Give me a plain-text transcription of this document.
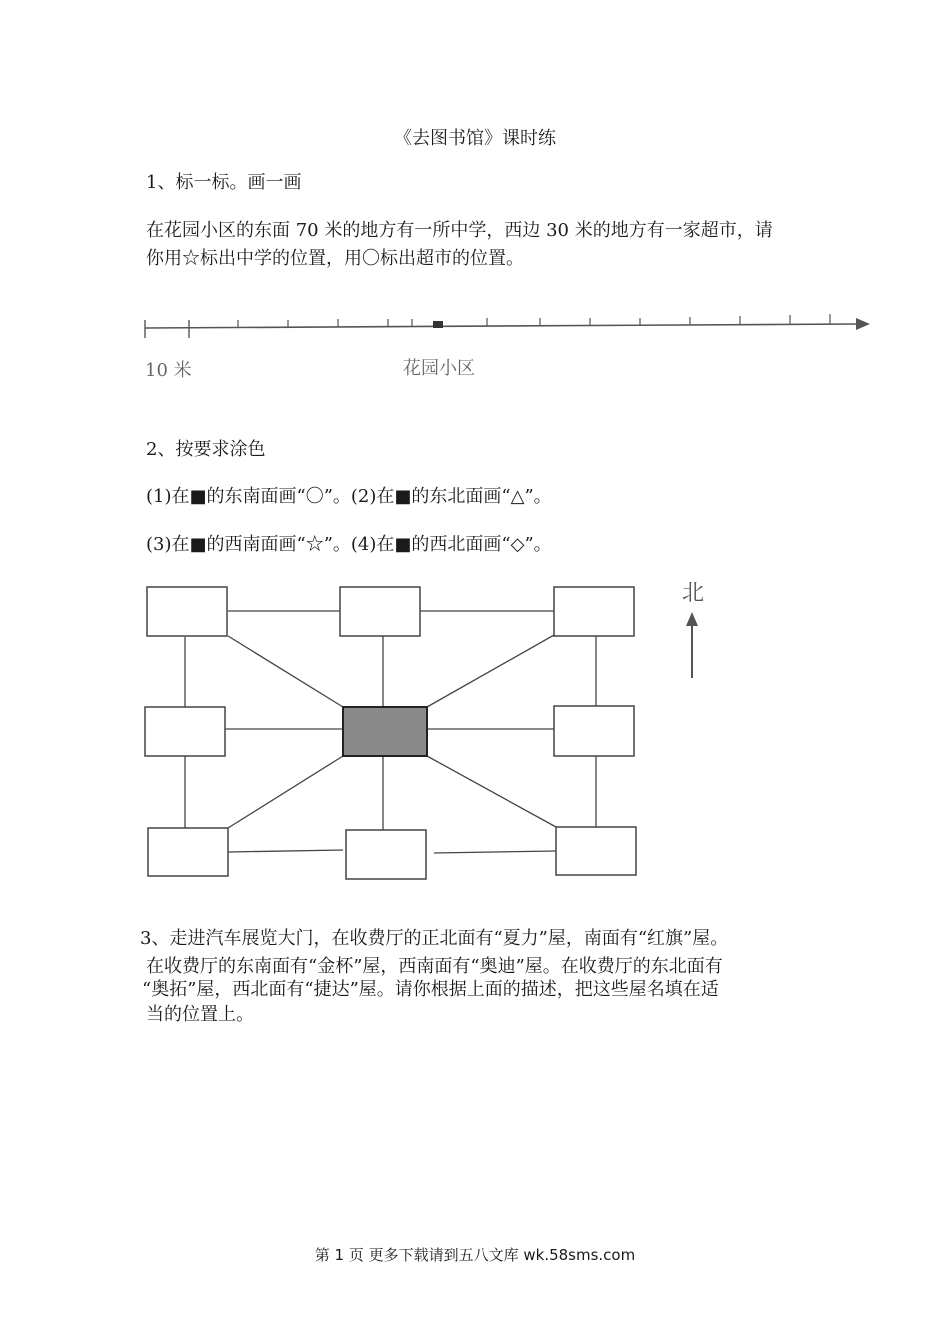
《去图书馆》课时练
1、标一标。画一画
在花园小区的东面 70 米的地方有一所中学，西边 30 米的地方有一家超市，请
你用☆标出中学的位置，用〇标出超市的位置。
10 米	花园小区
2、按要求涂色
(1)在■的东南面画“〇”。(2)在■的东北面画“△”。
(3)在■的西南面画“☆”。(4)在■的西北面画“◇”。
北
3、走进汽车展览大门，在收费厅的正北面有“夏力”屋，南面有“红旗”屋。
在收费厅的东南面有“金杯”屋，西南面有“奥迪”屋。在收费厅的东北面有
“奥拓”屋，西北面有“捷达”屋。请你根据上面的描述，把这些屋名填在适
当的位置上。
第 1 页 更多下载请到五八文库 wk.58sms.com
